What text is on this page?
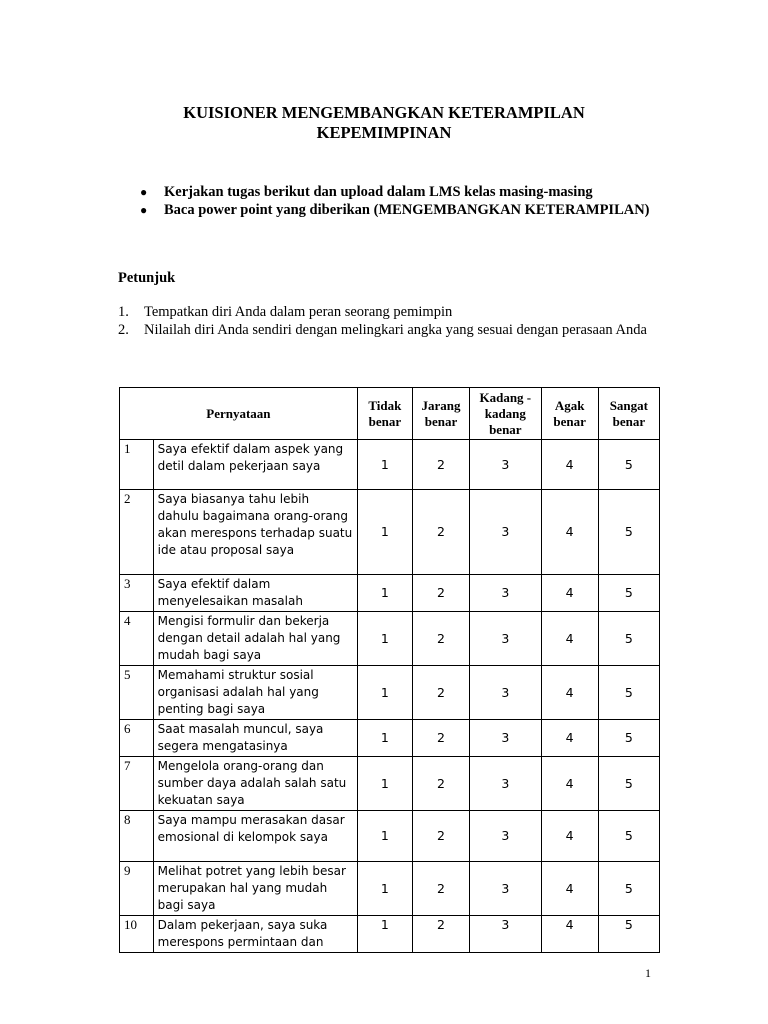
KUISIONER MENGEMBANGKAN KETERAMPILAN
KEPEMIMPINAN
● Kerjakan tugas berikut dan upload dalam LMS kelas masing-masing
● Baca power point yang diberikan (MENGEMBANGKAN KETERAMPILAN)
Petunjuk
1. Tempatkan diri Anda dalam peran seorang pemimpin
2. Nilailah diri Anda sendiri dengan melingkari angka yang sesuai dengan perasaan Anda
Pernyataan		Tidak benar	Jarang benar	Kadang -kadang benar	Agak benar	Sangat benar
1	Saya efektif dalam aspek yang detil dalam pekerjaan saya	1	2	3	4	5
2	Saya biasanya tahu lebih dahulu bagaimana orang-orang akan merespons terhadap suatu ide atau proposal saya	1	2	3	4	5
3	Saya efektif dalam menyelesaikan masalah	1	2	3	4	5
4	Mengisi formulir dan bekerja dengan detail adalah hal yang mudah bagi saya	1	2	3	4	5
5	Memahami struktur sosial organisasi adalah hal yang penting bagi saya	1	2	3	4	5
6	Saat masalah muncul, saya segera mengatasinya	1	2	3	4	5
7	Mengelola orang-orang dan sumber daya adalah salah satu kekuatan saya	1	2	3	4	5
8	Saya mampu merasakan dasar emosional di kelompok saya	1	2	3	4	5
9	Melihat potret yang lebih besar merupakan hal yang mudah bagi saya	1	2	3	4	5
10	Dalam pekerjaan, saya suka merespons permintaan dan	1	2	3	4	5
1
